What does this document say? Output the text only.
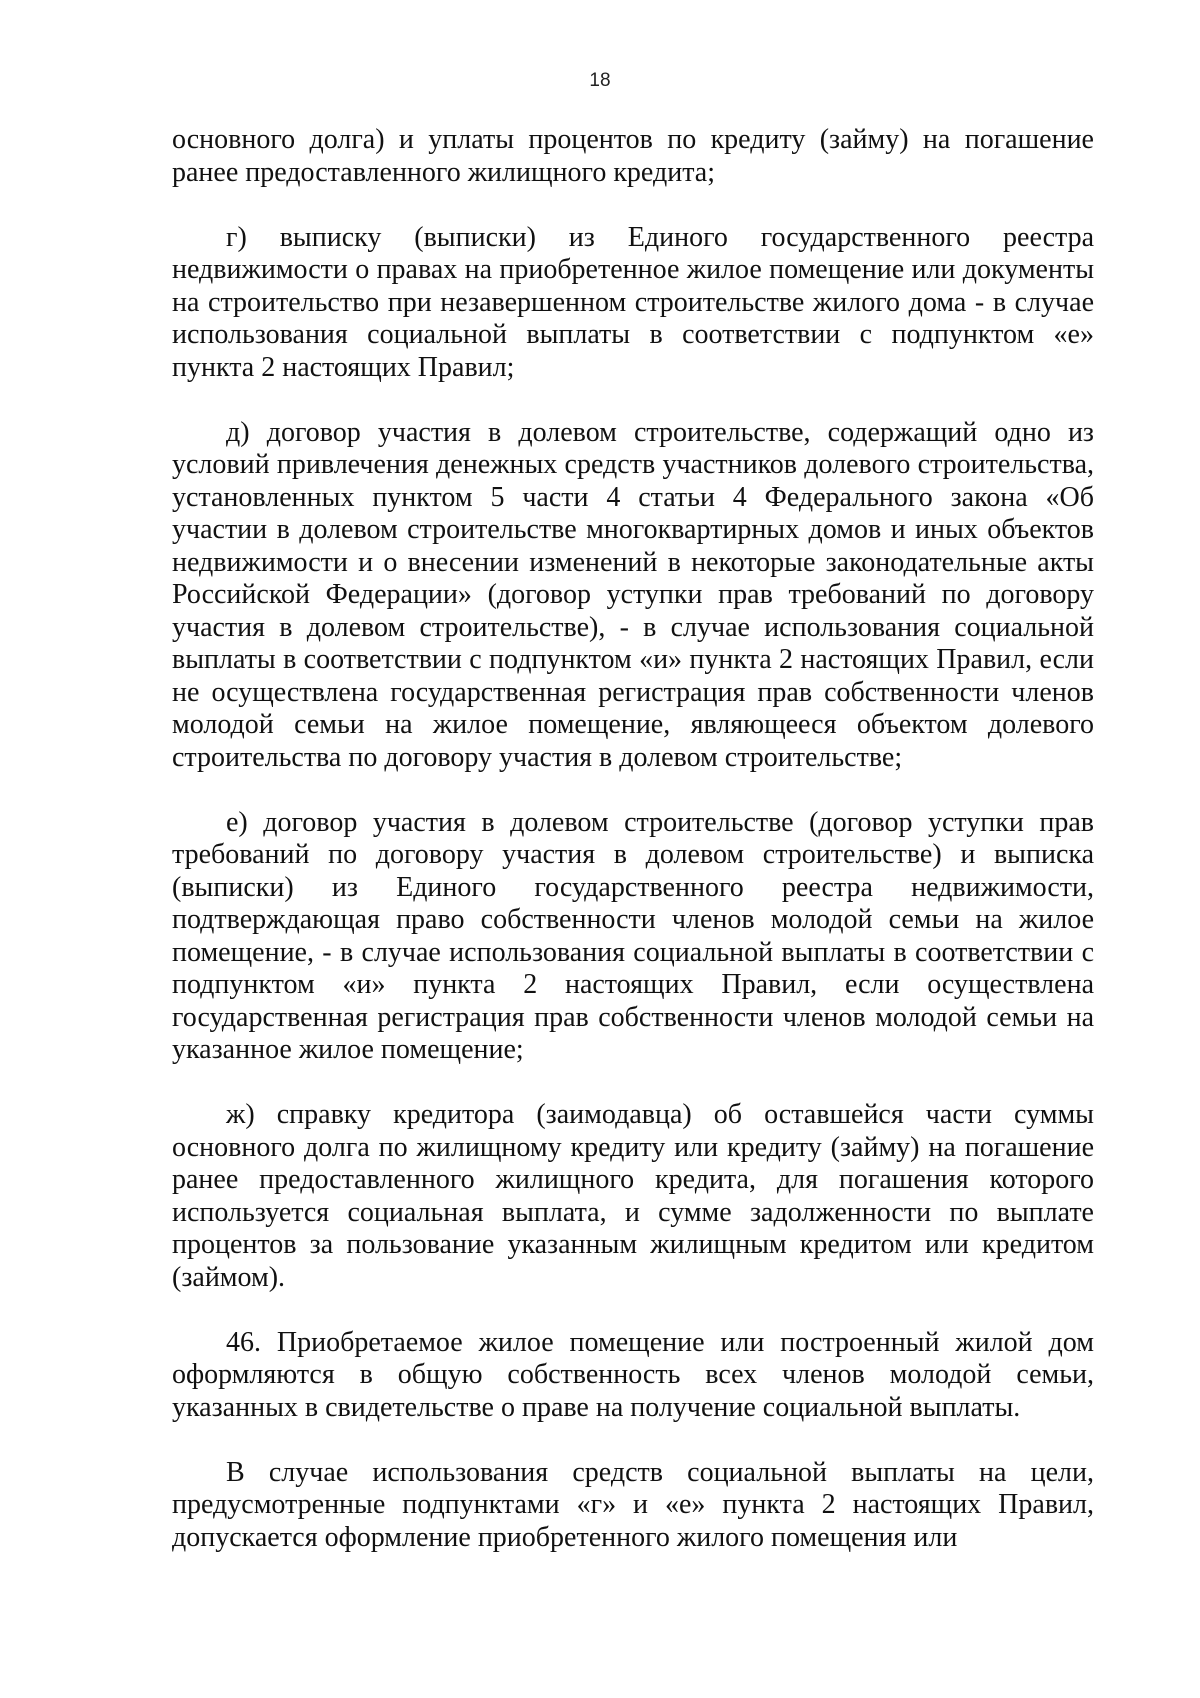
18

основного долга) и уплаты процентов по кредиту (займу) на погашение ранее предоставленного жилищного кредита;

г) выписку (выписки) из Единого государственного реестра недвижимости о правах на приобретенное жилое помещение или документы на строительство при незавершенном строительстве жилого дома - в случае использования социальной выплаты в соответствии с подпунктом «е» пункта 2 настоящих Правил;

д) договор участия в долевом строительстве, содержащий одно из условий привлечения денежных средств участников долевого строительства, установленных пунктом 5 части 4 статьи 4 Федерального закона «Об участии в долевом строительстве многоквартирных домов и иных объектов недвижимости и о внесении изменений в некоторые законодательные акты Российской Федерации» (договор уступки прав требований по договору участия в долевом строительстве), - в случае использования социальной выплаты в соответствии с подпунктом «и» пункта 2 настоящих Правил, если не осуществлена государственная регистрация прав собственности членов молодой семьи на жилое помещение, являющееся объектом долевого строительства по договору участия в долевом строительстве;

е) договор участия в долевом строительстве (договор уступки прав требований по договору участия в долевом строительстве) и выписка (выписки) из Единого государственного реестра недвижимости, подтверждающая право собственности членов молодой семьи на жилое помещение, - в случае использования социальной выплаты в соответствии с подпунктом «и» пункта 2 настоящих Правил, если осуществлена государственная регистрация прав собственности членов молодой семьи на указанное жилое помещение;

ж) справку кредитора (заимодавца) об оставшейся части суммы основного долга по жилищному кредиту или кредиту (займу) на погашение ранее предоставленного жилищного кредита, для погашения которого используется социальная выплата, и сумме задолженности по выплате процентов за пользование указанным жилищным кредитом или кредитом (займом).

46. Приобретаемое жилое помещение или построенный жилой дом оформляются в общую собственность всех членов молодой семьи, указанных в свидетельстве о праве на получение социальной выплаты.

В случае использования средств социальной выплаты на цели, предусмотренные подпунктами «г» и «е» пункта 2 настоящих Правил, допускается оформление приобретенного жилого помещения или
